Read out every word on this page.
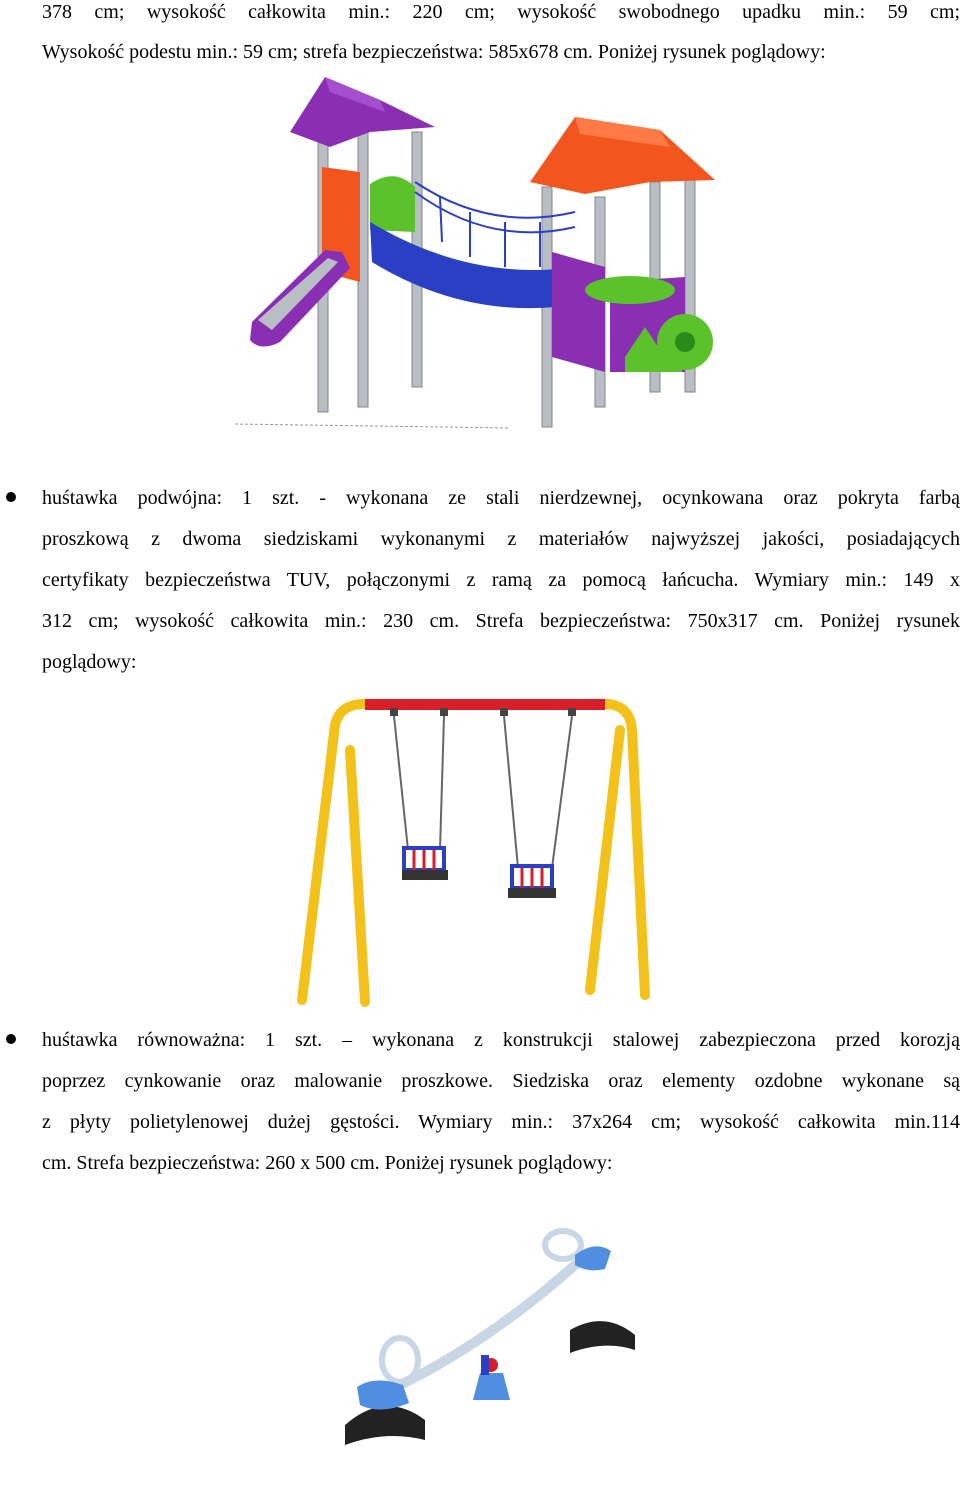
378 cm; wysokość całkowita min.: 220 cm; wysokość swobodnego upadku min.: 59 cm;
Wysokość podestu min.: 59 cm; strefa bezpieczeństwa: 585x678 cm. Poniżej rysunek poglądowy:
huśtawka podwójna: 1 szt. - wykonana ze stali nierdzewnej, ocynkowana oraz pokryta farbą
proszkową z dwoma siedziskami wykonanymi z materiałów najwyższej jakości, posiadających
certyfikaty bezpieczeństwa TUV, połączonymi z ramą za pomocą łańcucha. Wymiary min.: 149 x
312 cm; wysokość całkowita min.: 230 cm. Strefa bezpieczeństwa: 750x317 cm. Poniżej rysunek
poglądowy:
huśtawka równoważna: 1 szt. – wykonana z konstrukcji stalowej zabezpieczona przed korozją
poprzez cynkowanie oraz malowanie proszkowe. Siedziska oraz elementy ozdobne wykonane są
z płyty polietylenowej dużej gęstości. Wymiary min.: 37x264 cm; wysokość całkowita min.114
cm. Strefa bezpieczeństwa: 260 x 500 cm. Poniżej rysunek poglądowy:
